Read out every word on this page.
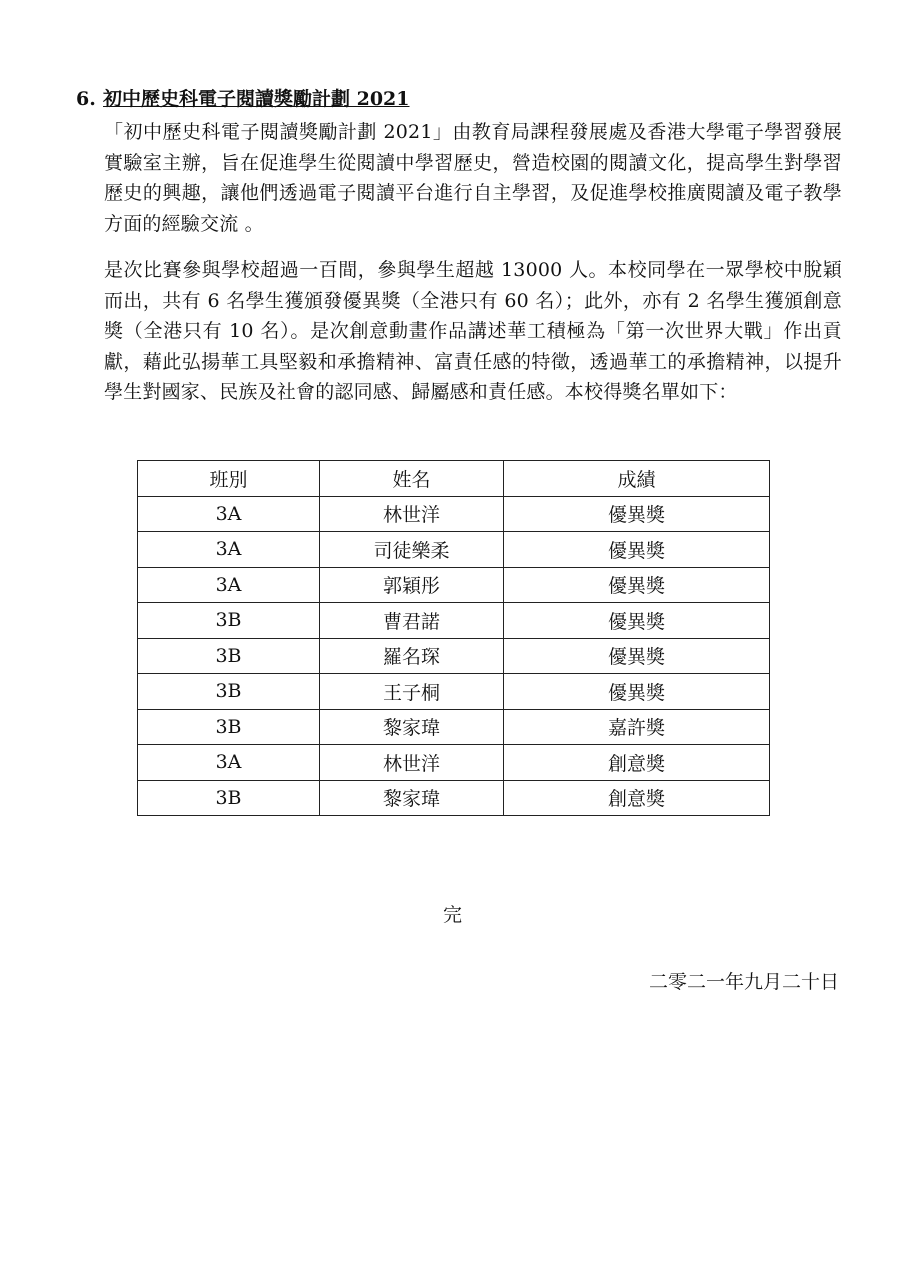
6. 初中歷史科電子閱讀獎勵計劃 2021
「初中歷史科電子閱讀獎勵計劃 2021」由教育局課程發展處及香港大學電子學習發展實驗室主辦，旨在促進學生從閱讀中學習歷史，營造校園的閱讀文化，提高學生對學習歷史的興趣，讓他們透過電子閱讀平台進行自主學習，及促進學校推廣閱讀及電子教學方面的經驗交流 。
是次比賽參與學校超過一百間，參與學生超越 13000 人。本校同學在一眾學校中脫穎而出，共有 6 名學生獲頒發優異獎（全港只有 60 名）；此外，亦有 2 名學生獲頒創意獎（全港只有 10 名）。是次創意動畫作品講述華工積極為「第一次世界大戰」作出貢獻，藉此弘揚華工具堅毅和承擔精神、富責任感的特徵，透過華工的承擔精神，以提升學生對國家、民族及社會的認同感、歸屬感和責任感。本校得獎名單如下：
班別	姓名	成績
3A	林世洋	優異獎
3A	司徒樂柔	優異獎
3A	郭穎彤	優異獎
3B	曹君諾	優異獎
3B	羅名琛	優異獎
3B	王子桐	優異獎
3B	黎家瑋	嘉許獎
3A	林世洋	創意獎
3B	黎家瑋	創意獎
完
二零二一年九月二十日
